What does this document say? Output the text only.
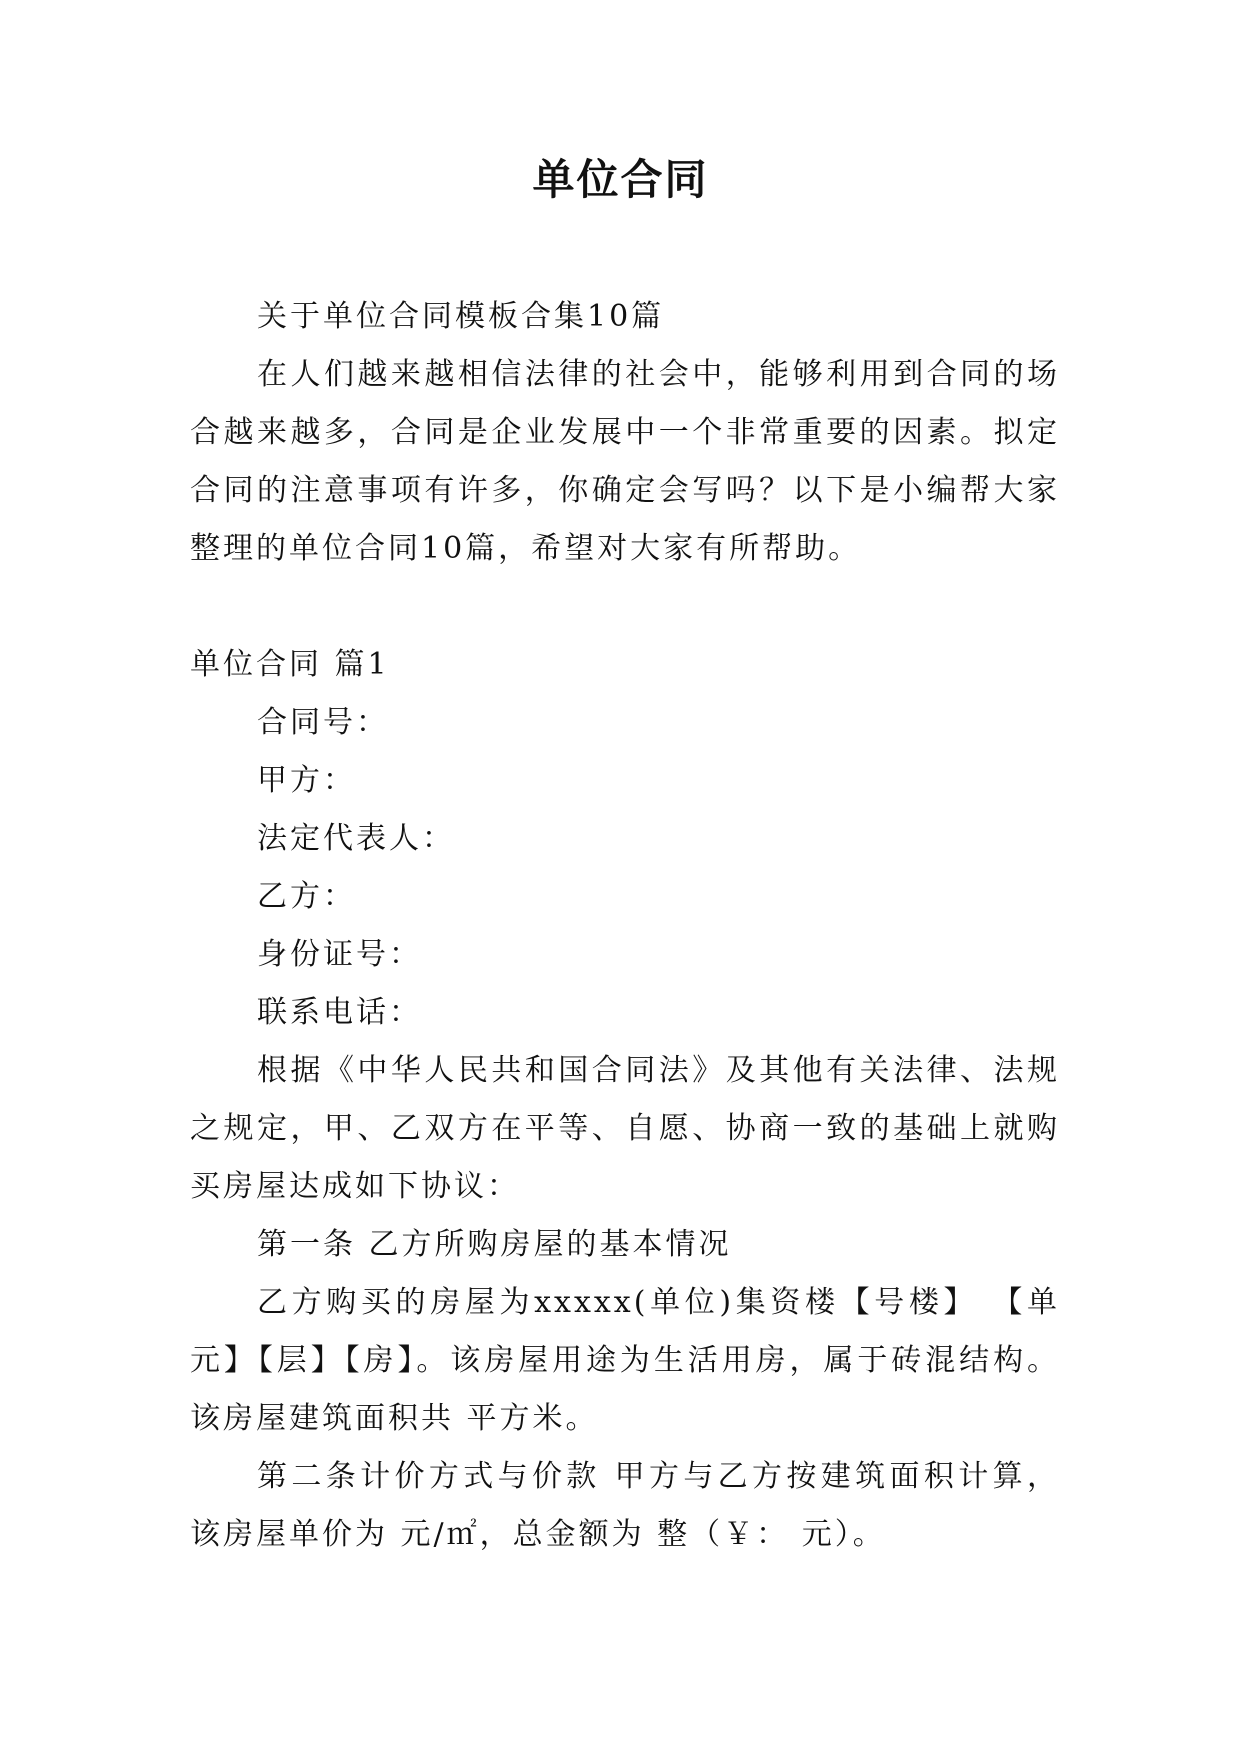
单位合同

关于单位合同模板合集10篇

在人们越来越相信法律的社会中，能够利用到合同的场合越来越多，合同是企业发展中一个非常重要的因素。拟定合同的注意事项有许多，你确定会写吗？以下是小编帮大家整理的单位合同10篇，希望对大家有所帮助。

单位合同 篇1

合同号：

甲方：

法定代表人：

乙方：

身份证号：

联系电话：

根据《中华人民共和国合同法》及其他有关法律、法规之规定，甲、乙双方在平等、自愿、协商一致的基础上就购买房屋达成如下协议：

第一条 乙方所购房屋的基本情况

乙方购买的房屋为xxxxx(单位)集资楼【号楼】 【单元】【层】【房】。该房屋用途为生活用房，属于砖混结构。该房屋建筑面积共 平方米。

第二条计价方式与价款 甲方与乙方按建筑面积计算，该房屋单价为 元/㎡，总金额为 整（￥： 元）。
